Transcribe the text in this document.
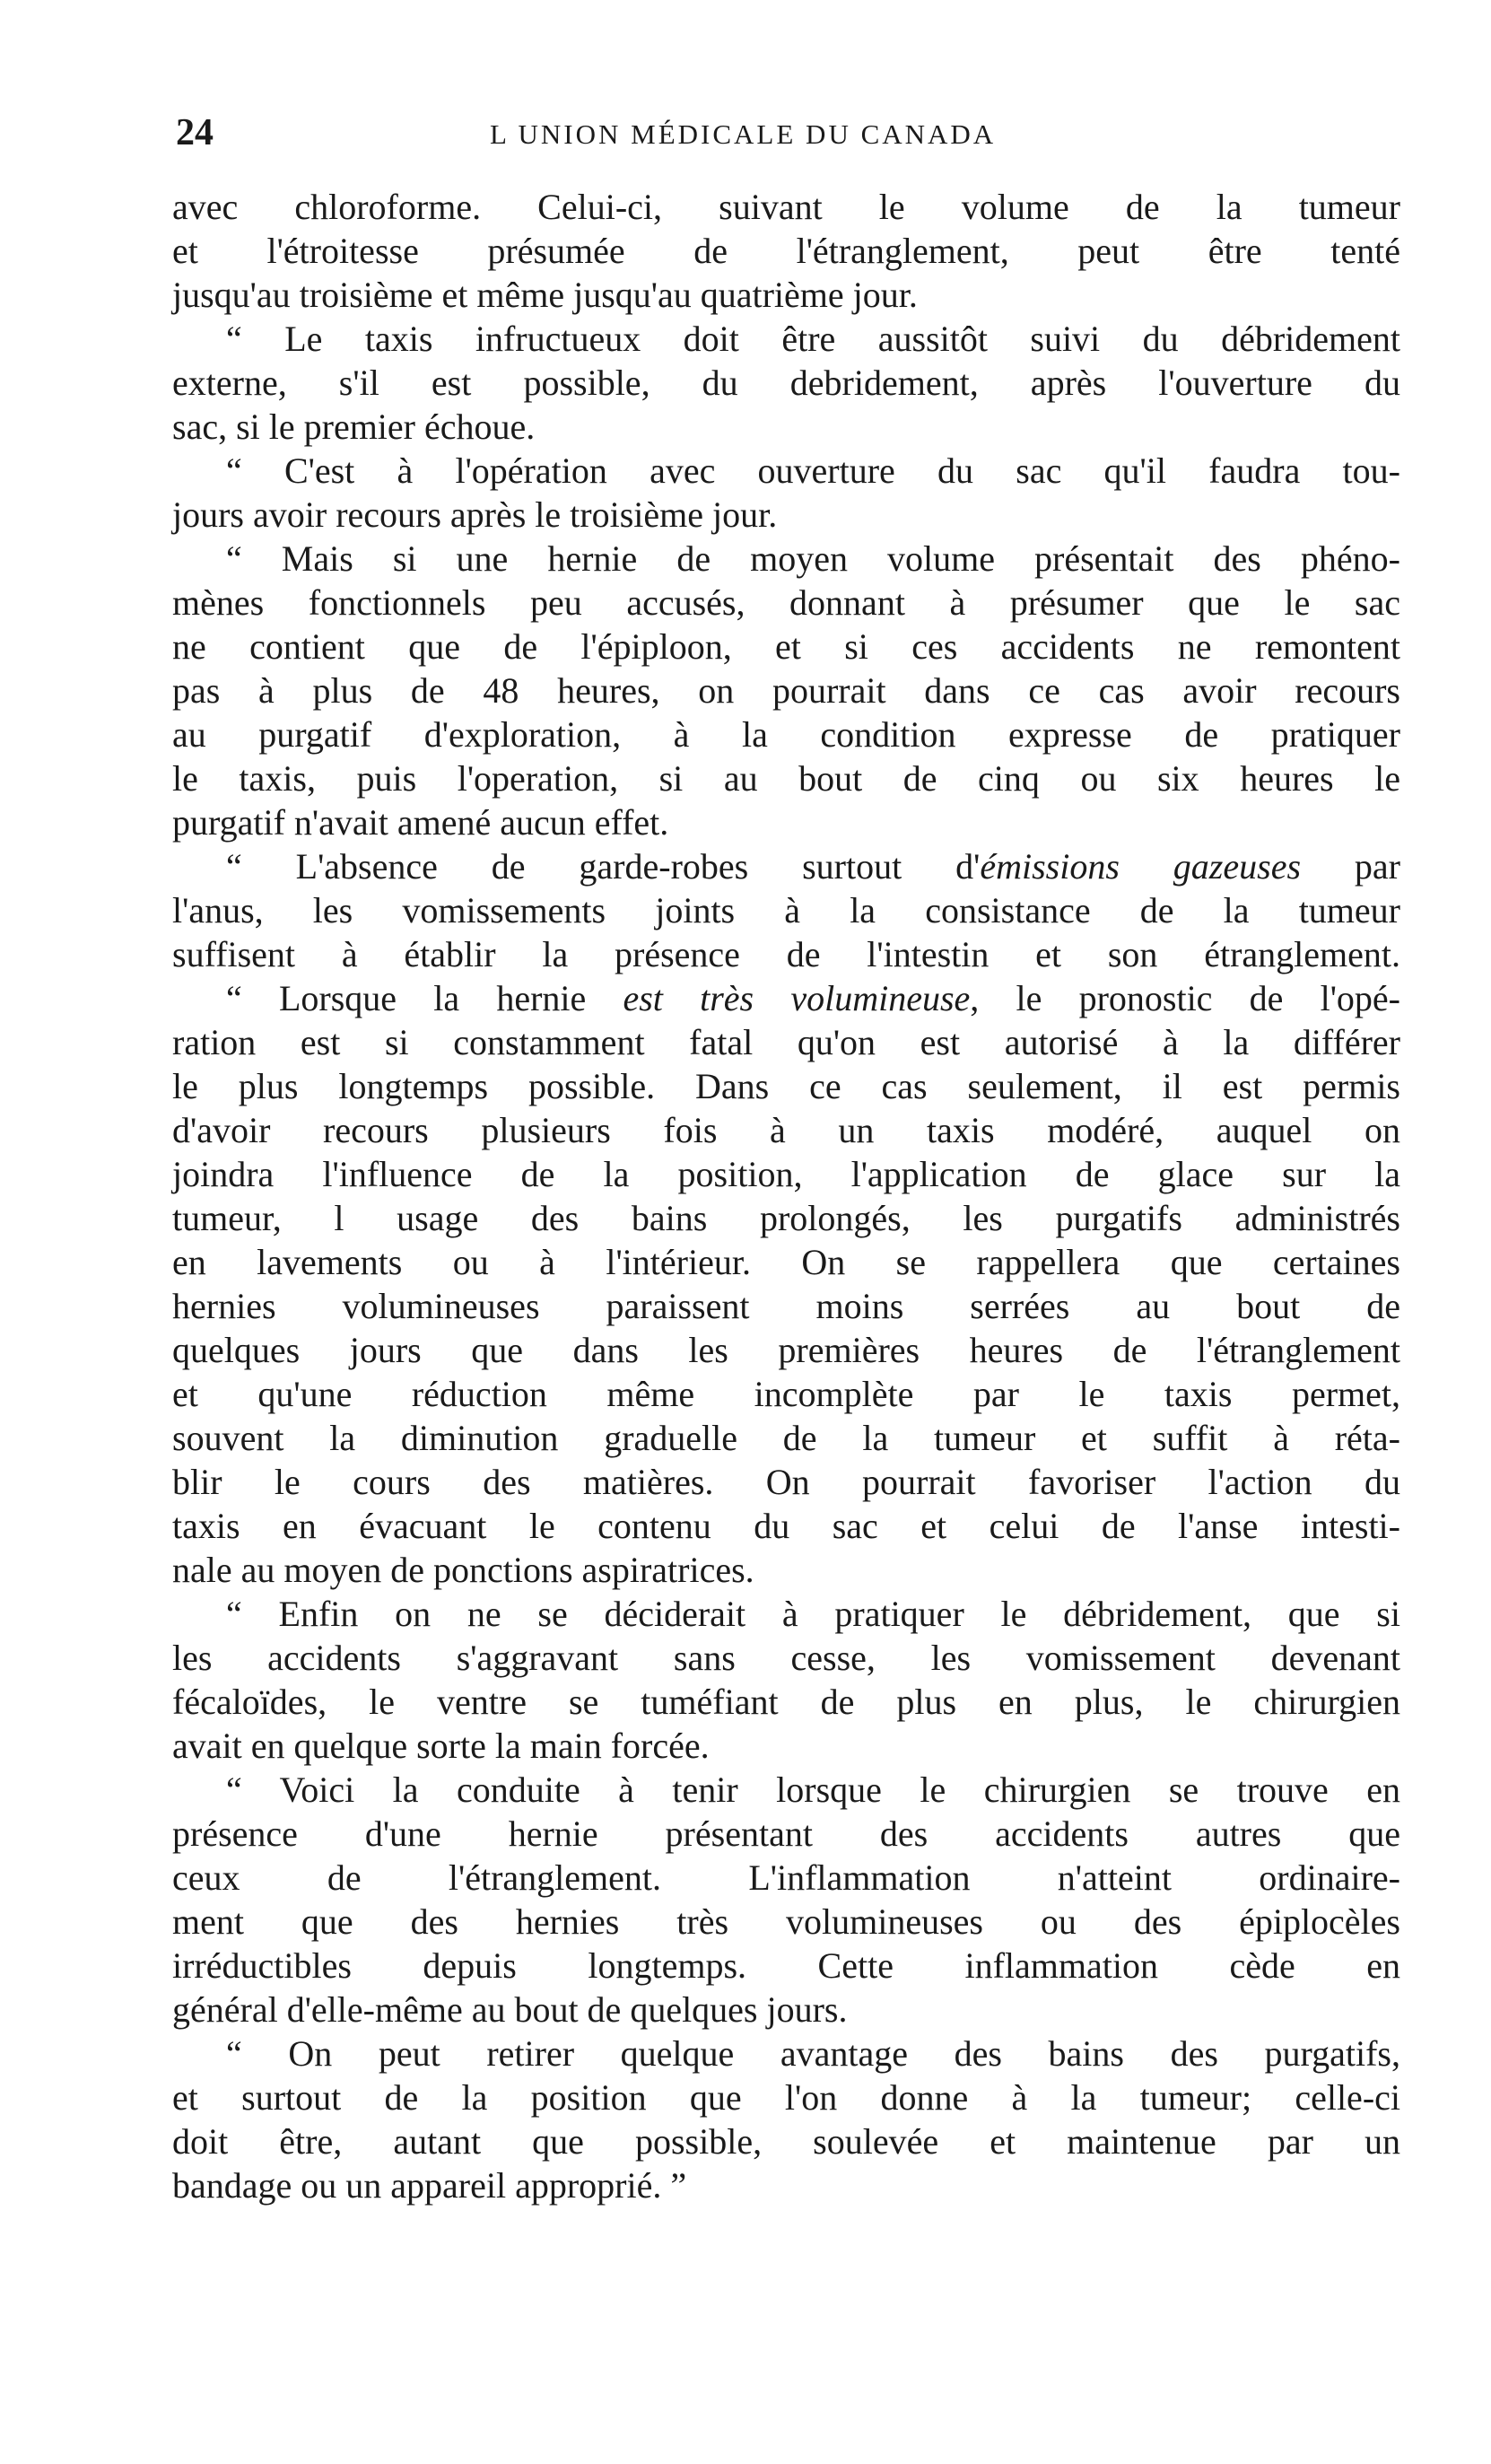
24	L UNION MÉDICALE DU CANADA
avec chloroforme. Celui-ci, suivant le volume de la tumeur
et l'étroitesse présumée de l'étranglement, peut être tenté
jusqu'au troisième et même jusqu'au quatrième jour.
“ Le taxis infructueux doit être aussitôt suivi du débridement
externe, s'il est possible, du debridement, après l'ouverture du
sac, si le premier échoue.
“ C'est à l'opération avec ouverture du sac qu'il faudra tou-
jours avoir recours après le troisième jour.
“ Mais si une hernie de moyen volume présentait des phéno-
mènes fonctionnels peu accusés, donnant à présumer que le sac
ne contient que de l'épiploon, et si ces accidents ne remontent
pas à plus de 48 heures, on pourrait dans ce cas avoir recours
au purgatif d'exploration, à la condition expresse de pratiquer
le taxis, puis l'operation, si au bout de cinq ou six heures le
purgatif n'avait amené aucun effet.
“ L'absence de garde-robes surtout d'émissions gazeuses par
l'anus, les vomissements joints à la consistance de la tumeur
suffisent à établir la présence de l'intestin et son étranglement.
“ Lorsque la hernie est très volumineuse, le pronostic de l'opé-
ration est si constamment fatal qu'on est autorisé à la différer
le plus longtemps possible. Dans ce cas seulement, il est permis
d'avoir recours plusieurs fois à un taxis modéré, auquel on
joindra l'influence de la position, l'application de glace sur la
tumeur, l usage des bains prolongés, les purgatifs administrés
en lavements ou à l'intérieur. On se rappellera que certaines
hernies volumineuses paraissent moins serrées au bout de
quelques jours que dans les premières heures de l'étranglement
et qu'une réduction même incomplète par le taxis permet,
souvent la diminution graduelle de la tumeur et suffit à réta-
blir le cours des matières. On pourrait favoriser l'action du
taxis en évacuant le contenu du sac et celui de l'anse intesti-
nale au moyen de ponctions aspiratrices.
“ Enfin on ne se déciderait à pratiquer le débridement, que si
les accidents s'aggravant sans cesse, les vomissement devenant
fécaloïdes, le ventre se tuméfiant de plus en plus, le chirurgien
avait en quelque sorte la main forcée.
“ Voici la conduite à tenir lorsque le chirurgien se trouve en
présence d'une hernie présentant des accidents autres que
ceux de l'étranglement. L'inflammation n'atteint ordinaire-
ment que des hernies très volumineuses ou des épiplocèles
irréductibles depuis longtemps. Cette inflammation cède en
général d'elle-même au bout de quelques jours.
“ On peut retirer quelque avantage des bains des purgatifs,
et surtout de la position que l'on donne à la tumeur; celle-ci
doit être, autant que possible, soulevée et maintenue par un
bandage ou un appareil approprié. ”
